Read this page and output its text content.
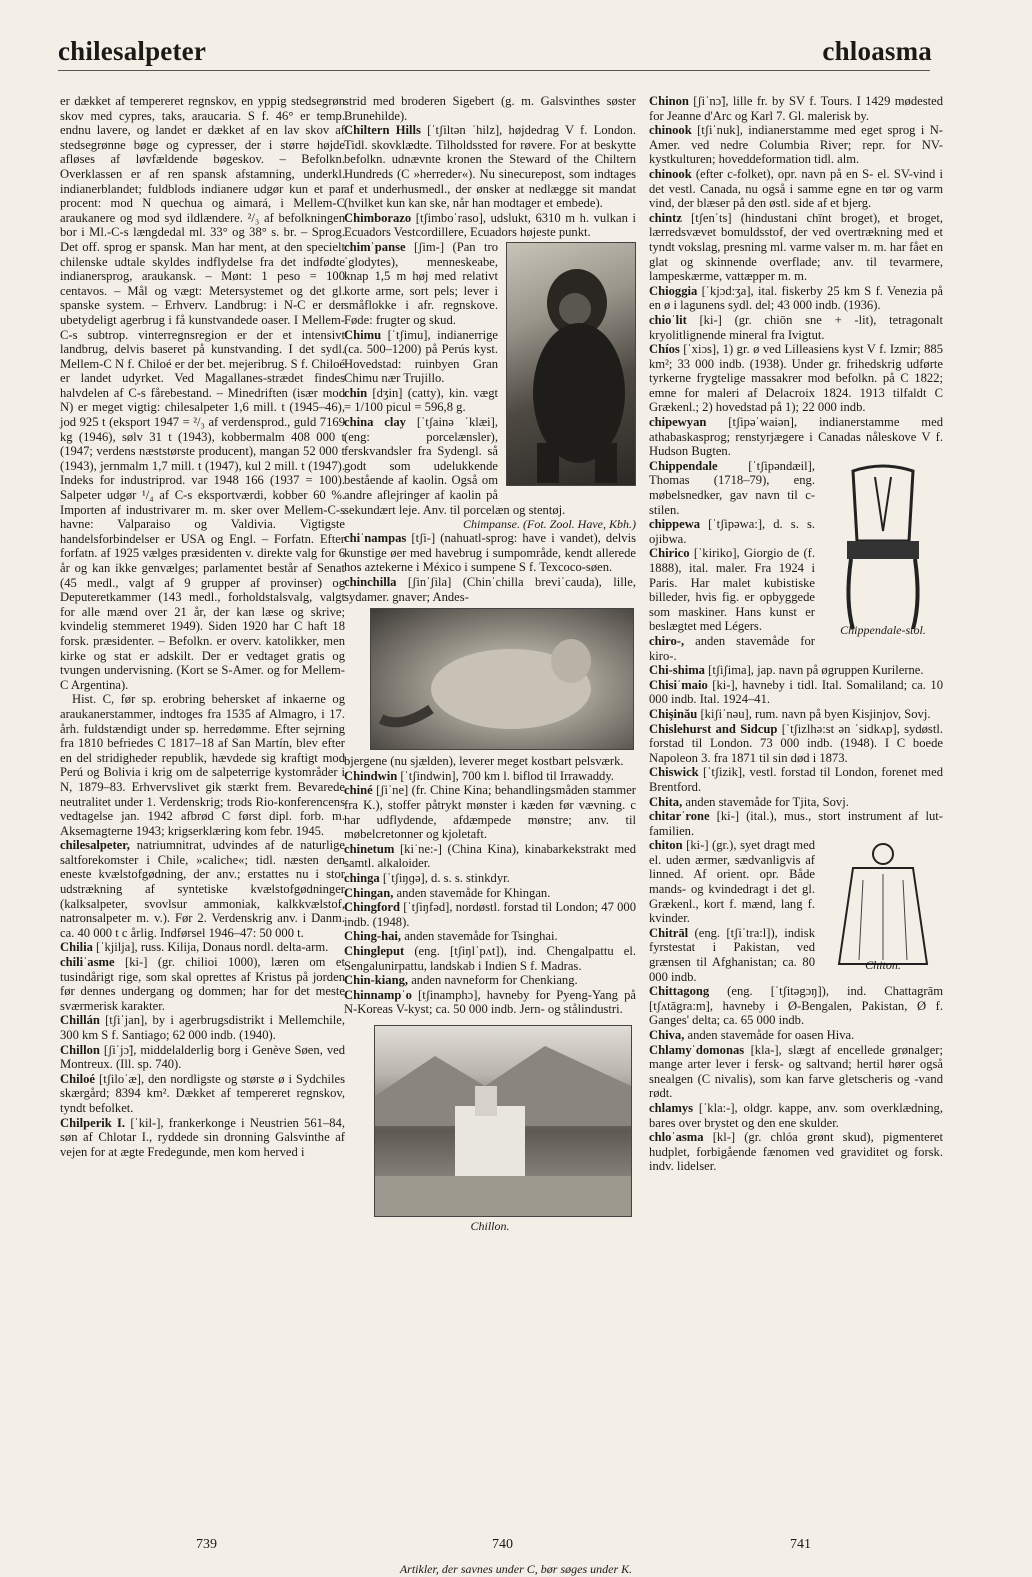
chilesalpeter	chloasma

er dækket af tempereret regnskov, en yppig stedsegrøn skov med cypres, taks, araucaria. S f. 46° er temp. endnu lavere, og landet er dækket af en lav skov af stedsegrønne bøge og cypresser, der i større højde afløses af løvfældende bøgeskov. – Befolkn. Overklassen er af ren spansk afstamning, underkl. indianerblandet; fuldblods indianere udgør kun et par procent: mod N quechua og aimará, i Mellem-C araukanere og mod syd ildlændere. ²/₃ af befolkningen bor i Ml.-C-s længdedal ml. 33° og 38° s. br. – Sprog. Det off. sprog er spansk. Man har ment, at den specielt chilenske udtale skyldes indflydelse fra det indfødte indianersprog, araukansk. – Mønt: 1 peso = 100 centavos. – Mål og vægt: Metersystemet og det gl. spanske system. – Erhverv. Landbrug: i N-C er der ubetydeligt agerbrug i få kunstvandede oaser. I Mellem-C-s subtrop. vinterregnsregion er der et intensivt landbrug, delvis baseret på kunstvanding. I det sydl. Mellem-C N f. Chiloé er der bet. mejeribrug. S f. Chiloé er landet udyrket. Ved Magallanes-strædet findes halvdelen af C-s fårebestand. – Minedriften (især mod N) er meget vigtig: chilesalpeter 1,6 mill. t (1945–46), jod 925 t (eksport 1947 = ²/₃ af verdensprod., guld 7169 kg (1946), sølv 31 t (1943), kobbermalm 408 000 t (1947; verdens næststørste producent), mangan 52 000 t (1943), jernmalm 1,7 mill. t (1947), kul 2 mill. t (1947). Indeks for industriprod. var 1948 166 (1937 = 100). Salpeter udgør ¹/₄ af C-s eksportværdi, kobber 60 %. Importen af industrivarer m. m. sker over Mellem-C-s havne: Valparaiso og Valdivia. Vigtigste handelsforbindelser er USA og Engl. – Forfatn. Efter forfatn. af 1925 vælges præsidenten v. direkte valg for 6 år og kan ikke genvælges; parlamentet består af Senat (45 medl., valgt af 9 grupper af provinser) og Deputeretkammer (143 medl., forholdstalsvalg, valgt for alle mænd over 21 år, der kan læse og skrive; kvindelig stemmeret 1949). Siden 1920 har C haft 18 forsk. præsidenter. – Befolkn. er overv. katolikker, men kirke og stat er adskilt. Der er vedtaget gratis og tvungen undervisning. (Kort se S-Amer. og for Mellem-C Argentina).

Hist. C, før sp. erobring behersket af inkaerne og araukanerstammer, indtoges fra 1535 af Almagro, i 17. årh. fuldstændigt under sp. herredømme. Efter sejrning fra 1810 befriedes C 1817–18 af San Martín, blev efter en del stridigheder republik, hævdede sig kraftigt mod Perú og Bolivia i krig om de salpeterrige kystområder i N, 1879–83. Erhvervslivet gik stærkt frem. Bevarede neutralitet under 1. Verdenskrig; trods Rio-konferencens vedtagelse jan. 1942 afbrød C først dipl. forb. m. Aksemagterne 1943; krigserklæring kom febr. 1945.

chilesalpeter, natriumnitrat, udvindes af de naturlige saltforekomster i Chile, »caliche«; tidl. næsten den eneste kvælstofgødning, der anv.; erstattes nu i stor udstrækning af syntetiske kvælstofgødninger (kalksalpeter, svovlsur ammoniak, kalkkvælstof, natronsalpeter m. v.). Før 2. Verdenskrig anv. i Danm. ca. 40 000 t c årlig. Indførsel 1946–47: 50 000 t.

Chilia [ˈkjilja], russ. Kilija, Donaus nordl. delta-arm.

chiliˈasme [ki-] (gr. chilioi 1000), læren om et tusindårigt rige, som skal oprettes af Kristus på jorden før dennes undergang og dommen; har for det meste sværmerisk karakter.

Chillán [tʃiˈjan], by i agerbrugsdistrikt i Mellemchile, 300 km S f. Santiago; 62 000 indb. (1940).

Chillon [ʃiˈjɔ̃], middelalderlig borg i Genève Søen, ved Montreux. (Ill. sp. 740).

Chiloé [tʃiloˈæ], den nordligste og største ø i Sydchiles skærgård; 8394 km². Dækket af tempereret regnskov, tyndt befolket.

Chilperik I. [ˈkil-], frankerkonge i Neustrien 561–84, søn af Chlotar I., ryddede sin dronning Galsvinthe af vejen for at ægte Fredegunde, men kom herved i

strid med broderen Sigebert (g. m. Galsvinthes søster Brunehilde).

Chiltern Hills [ˈtʃiltən ˈhilz], højdedrag V f. London. Tidl. skovklædte. Tilholdssted for røvere. For at beskytte befolkn. udnævnte kronen the Steward of the Chiltern Hundreds (C »herreder«). Nu sinecurepost, som indtages af et underhusmedl., der ønsker at nedlægge sit mandat (hvilket kun kan ske, når han modtager et embede).

Chimborazo [tʃimboˈraso], udslukt, 6310 m h. vulkan i Ecuadors Vestcordillere, Ecuadors højeste punkt.

chimˈpanse [ʃim-] (Pan troˈglodytes), menneskeabe, knap 1,5 m høj med relativt korte arme, sort pels; lever i småflokke i afr. regnskove. Føde: frugter og skud.

Chimu [ˈtʃimu], indianerrige (ca. 500–1200) på Perús kyst. Hovedstad: ruinbyen Gran Chimu nær Trujillo.

chin [dʒin] (catty), kin. vægt = 1/100 picul = 596,8 g.

china clay [ˈtʃainə ˈklæi], (eng: porcelænsler), ferskvandsler fra Sydengl. så godt som udelukkende bestående af kaolin. Også om andre afleјringer af kaolin på sekundært leje. Anv. til porcelæn og stentøj.

Chimpanse. (Fot. Zool. Have, Kbh.)

chiˈnampas [tʃi-] (nahuatl-sprog: have i vandet), delvis kunstige øer med havebrug i sumpområde, kendt allerede hos aztekerne i México i sumpene S f. Texcoco-søen.

chinchilla [ʃinˈʃila] (Chinˈchilla breviˈcauda), lille, sydamer. gnaver; Andes-

bjergene (nu sjælden), leverer meget kostbart pelsværk.

Chindwin [ˈtʃindwin], 700 km l. biflod til Irrawaddy.

chiné [ʃiˈne] (fr. Chine Kina; behandlingsmåden stammer fra K.), stoffer påtrykt mønster i kæden før vævning. c har udflydende, afdæmpede mønstre; anv. til møbelcretonner og kjoletaft.

chinetum [kiˈne:-] (China Kina), kinabarkekstrakt med samtl. alkaloider.

chinga [ˈtʃiŋɡə], d. s. s. stinkdyr.

Chingan, anden stavemåde for Khingan.

Chingford [ˈtʃiŋfəd], nordøstl. forstad til London; 47 000 indb. (1948).

Ching-hai, anden stavemåde for Tsinghai.

Chingleput (eng. [tʃiŋlˈpʌt]), ind. Chengalpattu el. Sengalunirpattu, landskab i Indien S f. Madras.

Chin-kiang, anden navneform for Chenkiang.

Chinnampˈo [tʃinamphɔ], havneby for Pyeng-Yang på N-Koreas V-kyst; ca. 50 000 indb. Jern- og stålindustri.

Chillon.

Chinon [ʃiˈnɔ̃], lille fr. by SV f. Tours. I 1429 mødested for Jeanne d'Arc og Karl 7. Gl. malerisk by.

chinook [tʃiˈnuk], indianerstamme med eget sprog i N-Amer. ved nedre Columbia River; repr. for NV-kystkulturen; hoveddeformation tidl. alm.

chinook (efter c-folket), opr. navn på en S- el. SV-vind i det vestl. Canada, nu også i samme egne en tør og varm vind, der blæser på den østl. side af et bjerg.

chintz [tʃenˈts] (hindustani chīnt broget), et broget, lærredsvævet bomuldsstof, der ved overtrækning med et tyndt vokslag, presning ml. varme valser m. m. har fået en glat og skinnende overflade; anv. til tevarmere, lampeskærme, vattæpper m. m.

Chioggia [ˈkjɔd:ʒa], ital. fiskerby 25 km S f. Venezia på en ø i lagunens sydl. del; 43 000 indb. (1936).

chioˈlit [ki-] (gr. chiōn sne + -lit), tetragonalt kryolitlignende mineral fra Ivigtut.

Chíos [ˈxiɔs], 1) gr. ø ved Lilleasiens kyst V f. Izmir; 885 km²; 33 000 indb. (1938). Under gr. frihedskrig udførte tyrkerne frygtelige massakrer mod befolkn. på C 1822; emne for maleri af Delacroix 1824. 1913 tilfaldt C Grækenl.; 2) hovedstad på 1); 22 000 indb.

chipewyan [tʃipəˈwaiən], indianerstamme med athabaskasprog; renstyrjægere i Canadas nåleskove V f. Hudson Bugten.

Chippendale-stol.

Chippendale [ˈtʃipəndæil], Thomas (1718–79), eng. møbelsnedker, gav navn til c-stilen.

chippewa [ˈtʃipəwa:], d. s. s. ojibwa.

Chirico [ˈkiriko], Giorgio de (f. 1888), ital. maler. Fra 1924 i Paris. Har malet kubistiske billeder, hvis fig. er opbyggede som maskiner. Hans kunst er beslægtet med Légers.

chiro-, anden stavemåde for kiro-.

Chi-shima [tʃiʃima], jap. navn på øgruppen Kurilerne.

Chisiˈmaio [ki-], havneby i tidl. Ital. Somaliland; ca. 10 000 indb. Ital. 1924–41.

Chişinău [kiʃiˈnəu], rum. navn på byen Kisjinjov, Sovj.

Chislehurst and Sidcup [ˈtʃizlhə:st ən ˈsidkʌp], sydøstl. forstad til London. 73 000 indb. (1948). I C boede Napoleon 3. fra 1871 til sin død i 1873.

Chiswick [ˈtʃizik], vestl. forstad til London, forenet med Brentford.

Chita, anden stavemåde for Tjita, Sovj.

chitarˈrone [ki-] (ital.), mus., stort instrument af lut-familien.

Chiton.

chiton [ki-] (gr.), syet dragt med el. uden ærmer, sædvanligvis af linned. Af orient. opr. Både mands- og kvindedragt i det gl. Grækenl., kort f. mænd, lang f. kvinder.

Chitrāl (eng. [tʃiˈtra:l]), indisk fyrstestat i Pakistan, ved grænsen til Afghanistan; ca. 80 000 indb.

Chittagong (eng. [ˈtʃitəgɔŋ]), ind. Chattagrām [tʃʌtāgra:m], havneby i Ø-Bengalen, Pakistan, Ø f. Ganges' delta; ca. 65 000 indb.

Chiva, anden stavemåde for oasen Hiva.

Chlamyˈdomonas [kla-], slægt af encellede grønalger; mange arter lever i fersk- og saltvand; hertil hører også snealgen (C nivalis), som kan farve gletscheris og -vand rødt.

chlamys [ˈkla:-], oldgr. kappe, anv. som overklædning, bares over brystet og den ene skulder.

chloˈasma [kl-] (gr. chlóa grønt skud), pigmenteret hudplet, forbigående fænomen ved graviditet og forsk. indv. lidelser.

739	740	741
Artikler, der savnes under C, bør søges under K.
